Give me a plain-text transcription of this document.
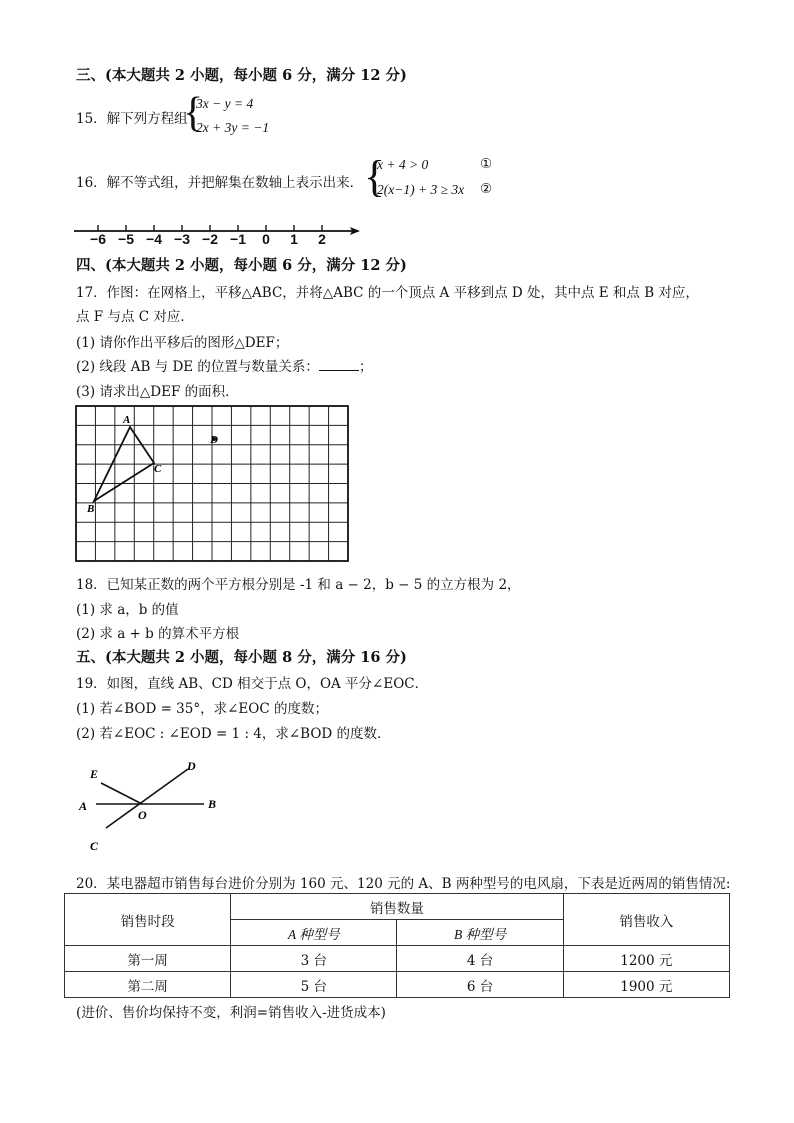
三、(本大题共 2 小题，每小题 6 分，满分 12 分)
15．解下列方程组
{
3x − y = 4
2x + 3y = −1
16．解不等式组，并把解集在数轴上表示出来． {
x + 4 > 0	①
2(x−1) + 3 ≥ 3x ②
−6 −5 −4 −3 −2 −1	0	1	2
四、(本大题共 2 小题，每小题 6 分，满分 12 分)
17．作图：在网格上，平移△ABC，并将△ABC 的一个顶点 A 平移到点 D 处，其中点 E 和点 B 对应，
点 F 与点 C 对应．
(1) 请你作出平移后的图形△DEF；
(2) 线段 AB 与 DE 的位置与数量关系：	；
(3) 请求出△DEF 的面积．
A
B
C
D
18．已知某正数的两个平方根分别是 -1 和 a − 2，b − 5 的立方根为 2，
(1) 求 a，b 的值
(2) 求 a + b 的算术平方根
五、(本大题共 2 小题，每小题 8 分，满分 16 分)
19．如图，直线 AB、CD 相交于点 O，OA 平分∠EOC．
(1) 若∠BOD = 35°，求∠EOC 的度数；
(2) 若∠EOC : ∠EOD = 1 : 4，求∠BOD 的度数．
A	B
C
D
E
O
20．某电器超市销售每台进价分别为 160 元、120 元的 A、B 两种型号的电风扇，下表是近两周的销售情况:
销售时段	销售数量		销售收入
	A 种型号	B 种型号	
第一周	3 台	4 台	1200 元
第二周	5 台	6 台	1900 元
(进价、售价均保持不变，利润=销售收入-进货成本)
